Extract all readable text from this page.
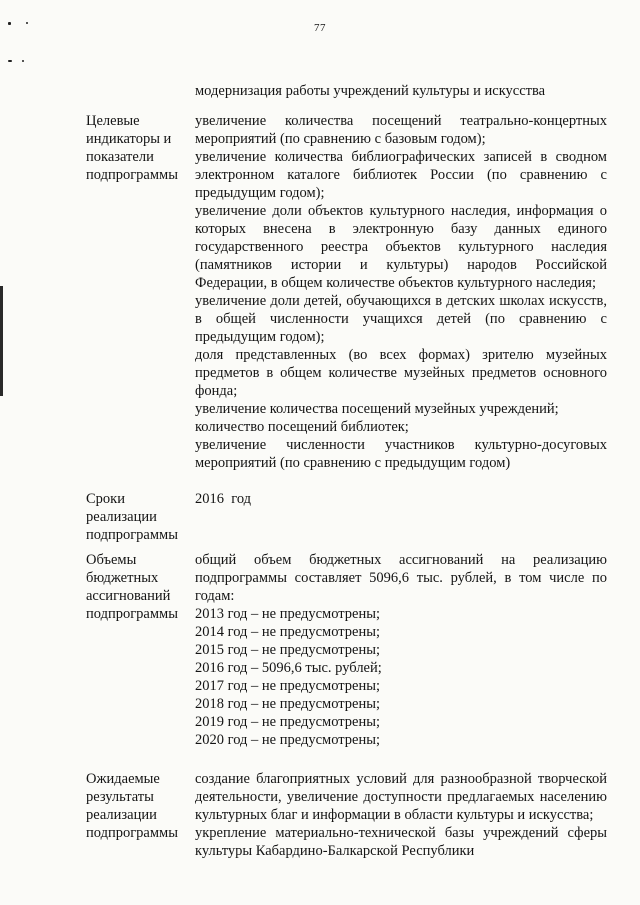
77
модернизация работы учреждений культуры и искусства
Целевые
индикаторы и
показатели
подпрограммы
увеличение количества посещений театрально-концертных мероприятий (по сравнению с базовым годом);
увеличение количества библиографических записей в сводном электронном каталоге библиотек России (по сравнению с предыдущим годом);
увеличение доли объектов культурного наследия, информация о которых внесена в электронную базу данных единого государственного реестра объектов культурного наследия (памятников истории и культуры) народов Российской Федерации, в общем количестве объектов культурного наследия;
увеличение доли детей, обучающихся в детских школах искусств, в общей численности учащихся детей (по сравнению с предыдущим годом);
доля представленных (во всех формах) зрителю музейных предметов в общем количестве музейных предметов основного фонда;
увеличение количества посещений музейных учреждений;
количество посещений библиотек;
увеличение численности участников культурно-досуговых мероприятий (по сравнению с предыдущим годом)
Сроки
реализации
подпрограммы
2016  год
Объемы
бюджетных
ассигнований
подпрограммы
общий объем бюджетных ассигнований на реализацию подпрограммы составляет 5096,6 тыс. рублей, в том числе по годам:
2013 год – не предусмотрены;
2014 год – не предусмотрены;
2015 год – не предусмотрены;
2016 год – 5096,6 тыс. рублей;
2017 год – не предусмотрены;
2018 год – не предусмотрены;
2019 год – не предусмотрены;
2020 год – не предусмотрены;
Ожидаемые
результаты
реализации
подпрограммы
создание благоприятных условий для разнообразной творческой деятельности, увеличение доступности предлагаемых населению культурных благ и информации в области культуры и искусства;
укрепление материально-технической базы учреждений сферы культуры Кабардино-Балкарской Республики
